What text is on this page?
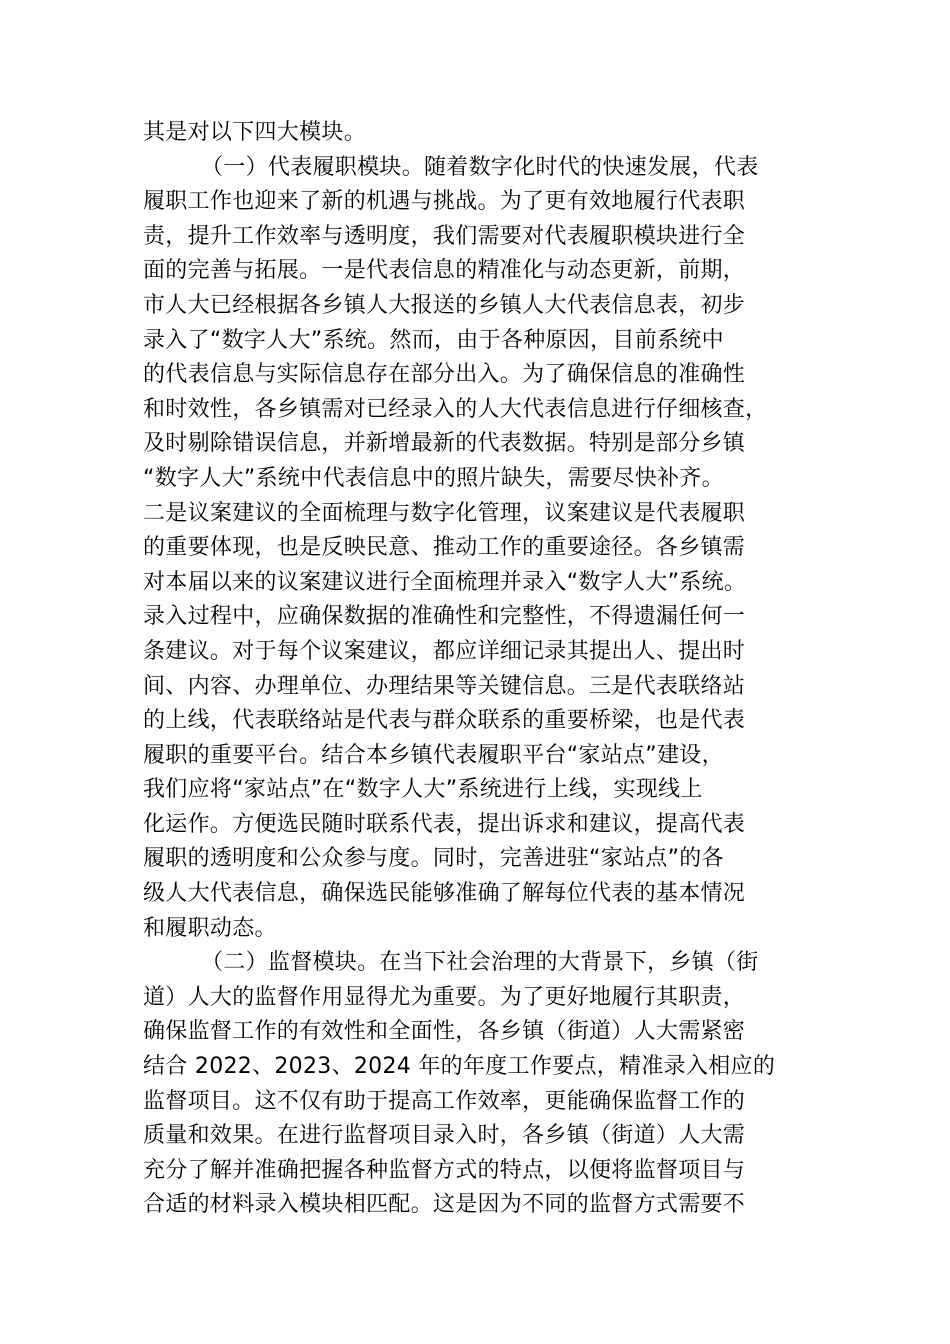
其是对以下四大模块。
（一）代表履职模块。随着数字化时代的快速发展，代表
履职工作也迎来了新的机遇与挑战。为了更有效地履行代表职
责，提升工作效率与透明度，我们需要对代表履职模块进行全
面的完善与拓展。一是代表信息的精准化与动态更新，前期，
市人大已经根据各乡镇人大报送的乡镇人大代表信息表，初步
录入了“数字人大”系统。然而，由于各种原因，目前系统中
的代表信息与实际信息存在部分出入。为了确保信息的准确性
和时效性，各乡镇需对已经录入的人大代表信息进行仔细核查，
及时剔除错误信息，并新增最新的代表数据。特别是部分乡镇
“数字人大”系统中代表信息中的照片缺失，需要尽快补齐。
二是议案建议的全面梳理与数字化管理，议案建议是代表履职
的重要体现，也是反映民意、推动工作的重要途径。各乡镇需
对本届以来的议案建议进行全面梳理并录入“数字人大”系统。
录入过程中，应确保数据的准确性和完整性，不得遗漏任何一
条建议。对于每个议案建议，都应详细记录其提出人、提出时
间、内容、办理单位、办理结果等关键信息。三是代表联络站
的上线，代表联络站是代表与群众联系的重要桥梁，也是代表
履职的重要平台。结合本乡镇代表履职平台“家站点”建设，
我们应将“家站点”在“数字人大”系统进行上线，实现线上
化运作。方便选民随时联系代表，提出诉求和建议，提高代表
履职的透明度和公众参与度。同时，完善进驻“家站点”的各
级人大代表信息，确保选民能够准确了解每位代表的基本情况
和履职动态。
（二）监督模块。在当下社会治理的大背景下，乡镇（街
道）人大的监督作用显得尤为重要。为了更好地履行其职责，
确保监督工作的有效性和全面性，各乡镇（街道）人大需紧密
结合 2022、2023、2024 年的年度工作要点，精准录入相应的
监督项目。这不仅有助于提高工作效率，更能确保监督工作的
质量和效果。在进行监督项目录入时，各乡镇（街道）人大需
充分了解并准确把握各种监督方式的特点，以便将监督项目与
合适的材料录入模块相匹配。这是因为不同的监督方式需要不
